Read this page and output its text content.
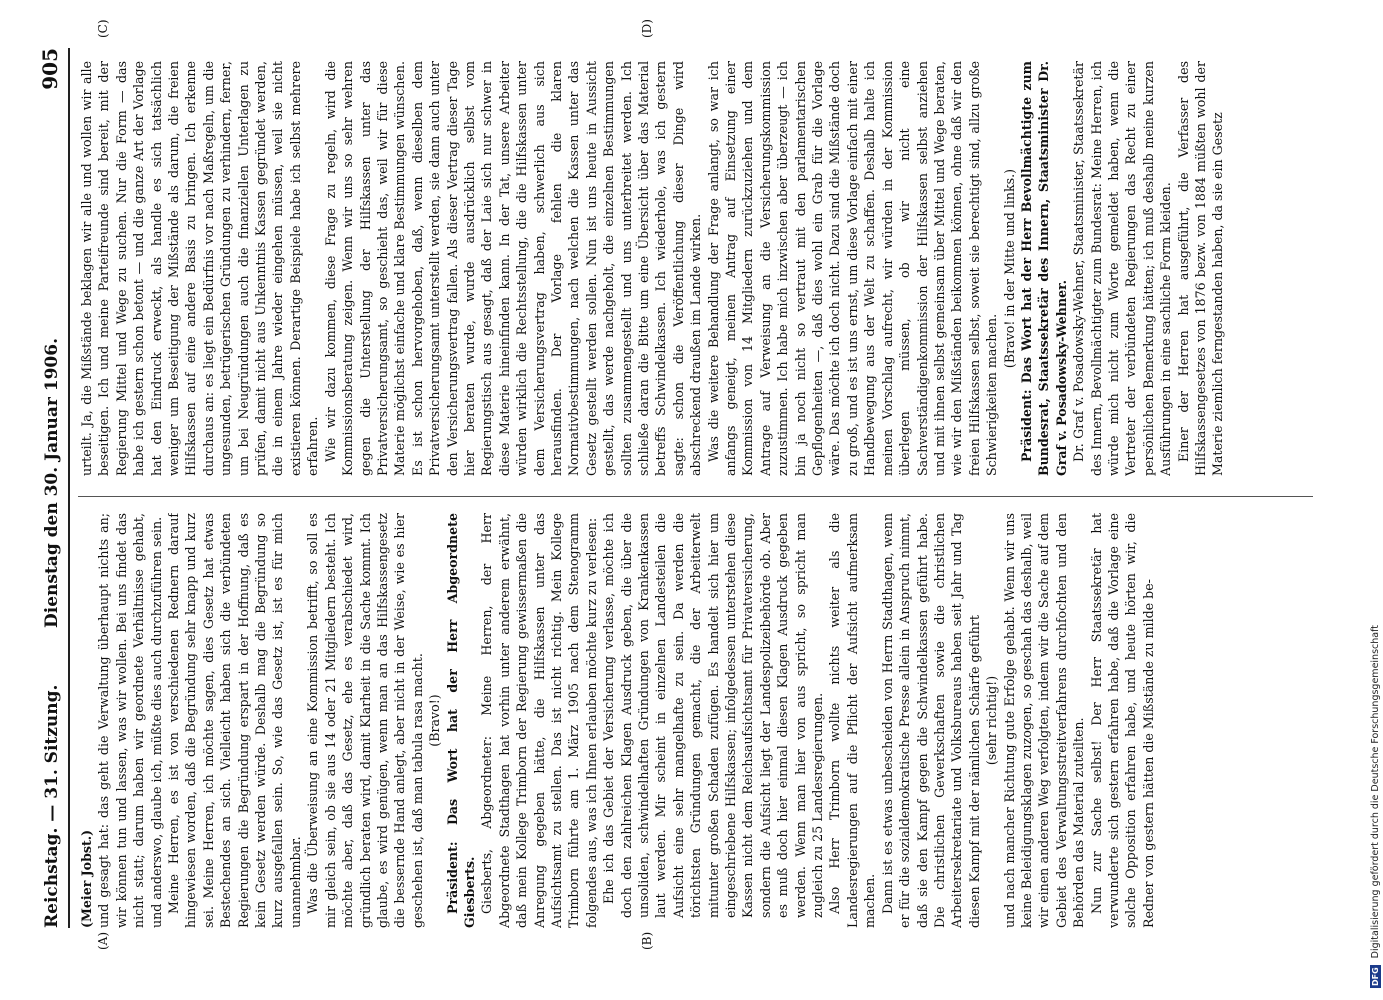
Reichstag. — 31. Sitzung.
Dienstag den 30. Januar 1906.
905
(A)	(B)
(C)	(D)

(Meier Jobst.) und gesagt hat: das geht die Verwaltung überhaupt nichts an; wir können tun und lassen, was wir wollen. Bei uns findet das nicht statt; darum haben wir geordnete Verhältnisse gehabt, und anderswo, glaube ich, müßte dies auch durchzuführen sein. Meine Herren, es ist von verschiedenen Rednern darauf hingewiesen worden, daß die Begründung sehr knapp und kurz sei. Meine Herren, ich möchte sagen, dies Gesetz hat etwas Bestechendes an sich. Vielleicht haben sich die verbündeten Regierungen die Begründung erspart in der Hoffnung, daß es kein Gesetz werden würde. Deshalb mag die Begründung so kurz ausgefallen sein. So, wie das Gesetz ist, ist es für mich unannehmbar. Was die Überweisung an eine Kommission betrifft, so soll es mir gleich sein, ob sie aus 14 oder 21 Mitgliedern besteht. Ich möchte aber, daß das Gesetz, ehe es verabschiedet wird, gründlich beraten wird, damit Klarheit in die Sache kommt. Ich glaube, es wird genügen, wenn man an das Hilfskassengesetz die bessernde Hand anlegt, aber nicht in der Weise, wie es hier geschehen ist, daß man tabula rasa macht. (Bravo!) Präsident: Das Wort hat der Herr Abgeordnete Giesberts. Giesberts, Abgeordneter: Meine Herren, der Herr Abgeordnete Stadthagen hat vorhin unter anderem erwähnt, daß mein Kollege Trimborn der Regierung gewissermaßen die Anregung gegeben hätte, die Hilfskassen unter das Aufsichtsamt zu stellen. Das ist nicht richtig. Mein Kollege Trimborn führte am 1. März 1905 nach dem Stenogramm folgendes aus, was ich Ihnen erlauben möchte kurz zu verlesen: Ehe ich das Gebiet der Versicherung verlasse, möchte ich doch den zahlreichen Klagen Ausdruck geben, die über die unsoliden, schwindelhaften Gründungen von Krankenkassen laut werden. Mir scheint in einzelnen Landesteilen die Aufsicht eine sehr mangelhafte zu sein. Da werden die törichtsten Gründungen gemacht, die der Arbeiterwelt mitunter großen Schaden zufügen. Es handelt sich hier um eingeschriebene Hilfskassen; infolgedessen unterstehen diese Kassen nicht dem Reichsaufsichtsamt für Privatversicherung, sondern die Aufsicht liegt der Landespolizeibehörde ob. Aber es muß doch hier einmal diesen Klagen Ausdruck gegeben werden. Wenn man hier von aus spricht, so spricht man zugleich zu 25 Landesregierungen. Also Herr Trimborn wollte nichts weiter als die Landesregierungen auf die Pflicht der Aufsicht aufmerksam machen. Dann ist es etwas unbescheiden von Herrn Stadthagen, wenn er für die sozialdemokratische Presse allein in Anspruch nimmt, daß sie den Kampf gegen die Schwindelkassen geführt habe. Die christlichen Gewerkschaften sowie die christlichen Arbeitersekretariate und Volksbureaus haben seit Jahr und Tag diesen Kampf mit der nämlichen Schärfe geführt (sehr richtig!) und nach mancher Richtung gute Erfolge gehabt. Wenn wir uns keine Beleidigungsklagen zuzogen, so geschah das deshalb, weil wir einen anderen Weg verfolgten, indem wir die Sache auf dem Gebiet des Verwaltungsstreitverfahrens durchfochten und den Behörden das Material zuteilten. Nun zur Sache selbst! Der Herr Staatssekretär hat verwunderte sich gestern erfahren habe, daß die Vorlage eine solche Opposition erfahren habe, und heute hörten wir, die Redner von gestern hätten die Mißstände zu milde be-

urteilt. Ja, die Mißstände beklagen wir alle und wollen wir alle beseitigen. Ich und meine Parteifreunde sind bereit, mit der Regierung Mittel und Wege zu suchen. Nur die Form — das habe ich gestern schon betont — und die ganze Art der Vorlage hat den Eindruck erweckt, als handle es sich tatsächlich weniger um Beseitigung der Mißstände als darum, die freien Hilfskassen auf eine andere Basis zu bringen. Ich erkenne durchaus an: es liegt ein Bedürfnis vor nach Maßregeln, um die ungesunden, betrügerischen Gründungen zu verhindern, ferner, um bei Neugründungen auch die finanziellen Unterlagen zu prüfen, damit nicht aus Unkenntnis Kassen gegründet werden, die in einem Jahre wieder eingehen müssen, weil sie nicht existieren können. Derartige Beispiele habe ich selbst mehrere erfahren. Wie wir dazu kommen, diese Frage zu regeln, wird die Kommissionsberatung zeigen. Wenn wir uns so sehr wehren gegen die Unterstellung der Hilfskassen unter das Privatversicherungsamt, so geschieht das, weil wir für diese Materie möglichst einfache und klare Bestimmungen wünschen. Es ist schon hervorgehoben, daß, wenn dieselben dem Privatversicherungsamt unterstellt werden, sie dann auch unter den Versicherungsvertrag fallen. Als dieser Vertrag dieser Tage hier beraten wurde, wurde ausdrücklich selbst vom Regierungstisch aus gesagt, daß der Laie sich nur schwer in diese Materie hineinfinden kann. In der Tat, unsere Arbeiter würden wirklich die Rechtsstellung, die die Hilfskassen unter dem Versicherungsvertrag haben, schwerlich aus sich herausfinden. Der Vorlage fehlen die klaren Normativbestimmungen, nach welchen die Kassen unter das Gesetz gestellt werden sollen. Nun ist uns heute in Aussicht gestellt, das werde nachgeholt, die einzelnen Bestimmungen sollten zusammengestellt und uns unterbreitet werden. Ich schließe daran die Bitte um eine Übersicht über das Material betreffs Schwindelkassen. Ich wiederhole, was ich gestern sagte: schon die Veröffentlichung dieser Dinge wird abschreckend draußen im Lande wirken. Was die weitere Behandlung der Frage anlangt, so war ich anfangs geneigt, meinen Antrag auf Einsetzung einer Kommission von 14 Mitgliedern zurückzuziehen und dem Antrage auf Verweisung an die Versicherungskommission zuzustimmen. Ich habe mich inzwischen aber überzeugt — ich bin ja noch nicht so vertraut mit den parlamentarischen Gepflogenheiten —, daß dies wohl ein Grab für die Vorlage wäre. Das möchte ich doch nicht. Dazu sind die Mißstände doch zu groß, und es ist uns ernst, um diese Vorlage einfach mit einer Handbewegung aus der Welt zu schaffen. Deshalb halte ich meinen Vorschlag aufrecht, wir würden in der Kommission überlegen müssen, ob wir nicht eine Sachverständigenkommission der Hilfskassen selbst anziehen und mit ihnen selbst gemeinsam über Mittel und Wege beraten, wie wir den Mißständen beikommen können, ohne daß wir den freien Hilfskassen selbst, soweit sie berechtigt sind, allzu große Schwierigkeiten machen.

(Bravo! in der Mitte und links.) Präsident: Das Wort hat der Herr Bevollmächtigte zum Bundesrat, Staatssekretär des Innern, Staatsminister Dr. Graf v. Posadowsky-Wehner. Dr. Graf v. Posadowsky-Wehner, Staatsminister, Staatssekretär des Innern, Bevollmächtigter zum Bundesrat: Meine Herren, ich würde mich nicht zum Worte gemeldet haben, wenn die Vertreter der verbündeten Regierungen das Recht zu einer persönlichen Bemerkung hätten; ich muß deshalb meine kurzen Ausführungen in eine sachliche Form kleiden. Einer der Herren hat ausgeführt, die Verfasser des Hilfskassengesetzes von 1876 bezw. von 1884 müßten wohl der Materie ziemlich ferngestanden haben, da sie ein Gesetz

DFG Digitalisierung gefördert durch die Deutsche Forschungsgemeinschaft
